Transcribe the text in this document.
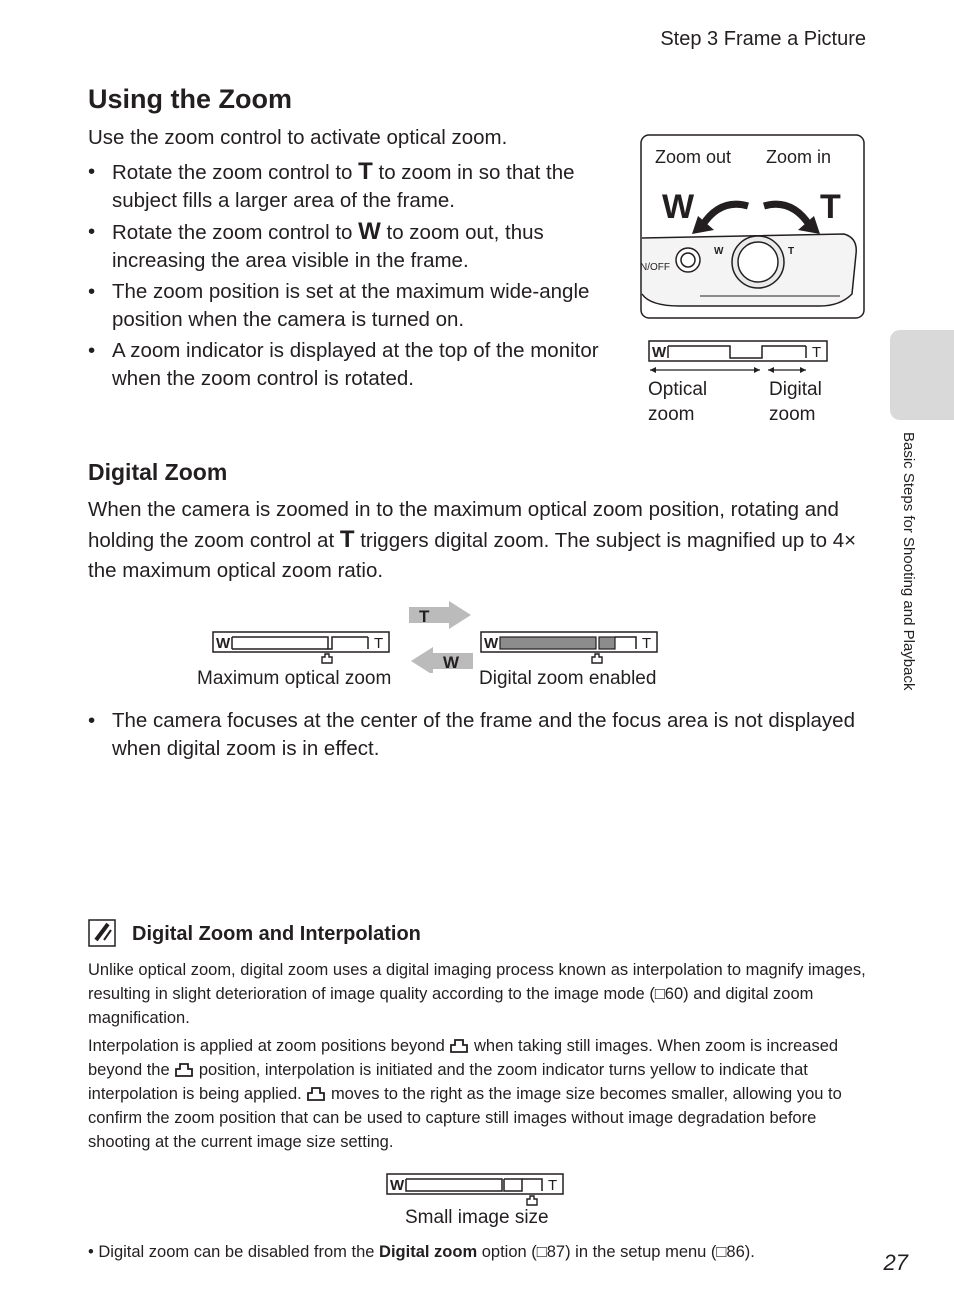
Step 3 Frame a Picture
Using the Zoom
Use the zoom control to activate optical zoom.
• Rotate the zoom control to T to zoom in so that the subject fills a larger area of the frame.
• Rotate the zoom control to W to zoom out, thus increasing the area visible in the frame.
• The zoom position is set at the maximum wide-angle position when the camera is turned on.
• A zoom indicator is displayed at the top of the monitor when the zoom control is rotated.
Zoom out Zoom in
W	T
W	T
N/OFF
W	T
Optical
zoom
Digital
zoom
Digital Zoom
When the camera is zoomed in to the maximum optical zoom position, rotating and holding the zoom control at T triggers digital zoom. The subject is magnified up to 4× the maximum optical zoom ratio.
W	T
Maximum optical zoom
T
W
W	T
Digital zoom enabled
• The camera focuses at the center of the frame and the focus area is not displayed when digital zoom is in effect.
Digital Zoom and Interpolation
Unlike optical zoom, digital zoom uses a digital imaging process known as interpolation to magnify images, resulting in slight deterioration of image quality according to the image mode (□60) and digital zoom magnification.
Interpolation is applied at zoom positions beyond when taking still images. When zoom is increased beyond the position, interpolation is initiated and the zoom indicator turns yellow to indicate that interpolation is being applied. moves to the right as the image size becomes smaller, allowing you to confirm the zoom position that can be used to capture still images without image degradation before shooting at the current image size setting.
W	T
Small image size
• Digital zoom can be disabled from the Digital zoom option (□87) in the setup menu (□86).
Basic Steps for Shooting and Playback
27
